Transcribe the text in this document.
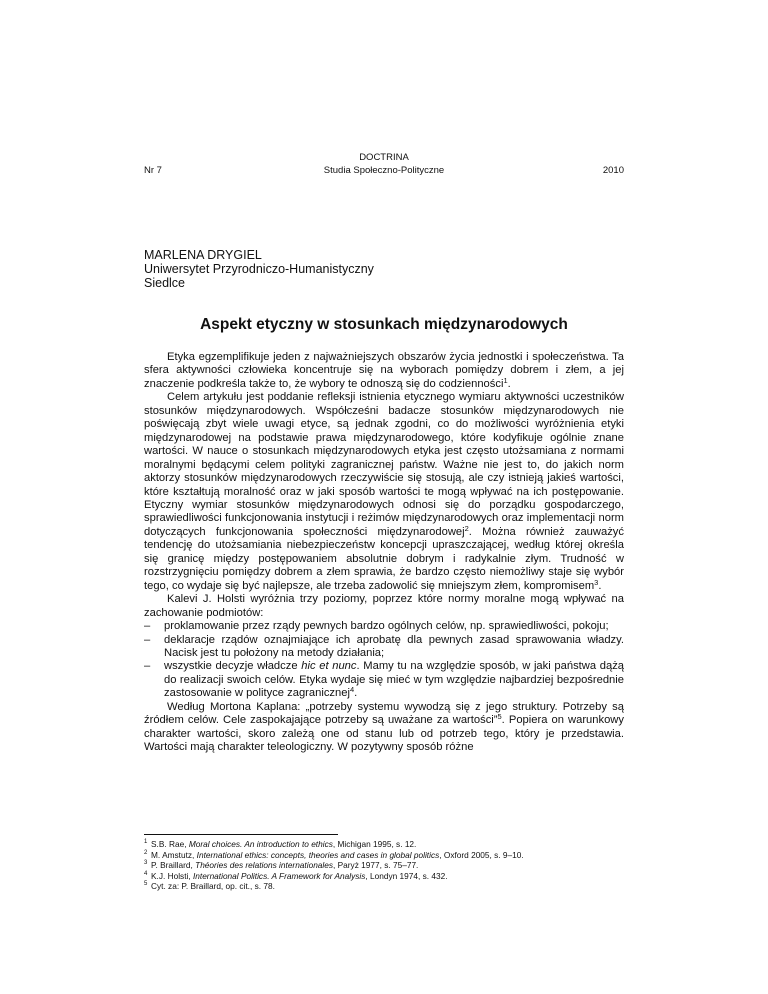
Nr 7
DOCTRINA
Studia Społeczno-Polityczne	2010
MARLENA DRYGIEL
Uniwersytet Przyrodniczo-Humanistyczny
Siedlce
Aspekt etyczny w stosunkach międzynarodowych

Etyka egzemplifikuje jeden z najważniejszych obszarów życia jednostki i społeczeństwa. Ta sfera aktywności człowieka koncentruje się na wyborach pomiędzy dobrem i złem, a jej znaczenie podkreśla także to, że wybory te odnoszą się do codzienności$^1$.

Celem artykułu jest poddanie refleksji istnienia etycznego wymiaru aktywności uczestników stosunków międzynarodowych. Współcześni badacze stosunków międzynarodowych nie poświęcają zbyt wiele uwagi etyce, są jednak zgodni, co do możliwości wyróżnienia etyki międzynarodowej na podstawie prawa międzynarodowego, które kodyfikuje ogólnie znane wartości. W nauce o stosunkach międzynarodowych etyka jest często utożsamiana z normami moralnymi będącymi celem polityki zagranicznej państw. Ważne nie jest to, do jakich norm aktorzy stosunków międzynarodowych rzeczywiście się stosują, ale czy istnieją jakieś wartości, które kształtują moralność oraz w jaki sposób wartości te mogą wpływać na ich postępowanie. Etyczny wymiar stosunków międzynarodowych odnosi się do porządku gospodarczego, sprawiedliwości funkcjonowania instytucji i reżimów międzynarodowych oraz implementacji norm dotyczących funkcjonowania społeczności międzynarodowej$^2$. Można również zauważyć tendencję do utożsamiania niebezpieczeństw koncepcji upraszczającej, według której określa się granicę między postępowaniem absolutnie dobrym i radykalnie złym. Trudność w rozstrzygnięciu pomiędzy dobrem a złem sprawia, że bardzo często niemożliwy staje się wybór tego, co wydaje się być najlepsze, ale trzeba zadowolić się mniejszym złem, kompromisem$^3$.

Kalevi J. Holsti wyróżnia trzy poziomy, poprzez które normy moralne mogą wpływać na zachowanie podmiotów:

– proklamowanie przez rządy pewnych bardzo ogólnych celów, np. sprawiedliwości, pokoju;
– deklaracje rządów oznajmiające ich aprobatę dla pewnych zasad sprawowania władzy. Nacisk jest tu położony na metody działania;
– wszystkie decyzje władcze hic et nunc. Mamy tu na względzie sposób, w jaki państwa dążą do realizacji swoich celów. Etyka wydaje się mieć w tym względzie najbardziej bezpośrednie zastosowanie w polityce zagranicznej$^4$.

Według Mortona Kaplana: „potrzeby systemu wywodzą się z jego struktury. Potrzeby są źródłem celów. Cele zaspokajające potrzeby są uważane za wartości”$^5$. Popiera on warunkowy charakter wartości, skoro zależą one od stanu lub od potrzeb tego, który je przedstawia. Wartości mają charakter teleologiczny. W pozytywny sposób różne

1 S.B. Rae, Moral choices. An introduction to ethics, Michigan 1995, s. 12.
2 M. Amstutz, International ethics: concepts, theories and cases in global politics, Oxford 2005, s. 9–10.
3 P. Braillard, Théories des relations internationales, Paryż 1977, s. 75–77.
4 K.J. Holsti, International Politics. A Framework for Analysis, Londyn 1974, s. 432.
5 Cyt. za: P. Braillard, op. cit., s. 78.
